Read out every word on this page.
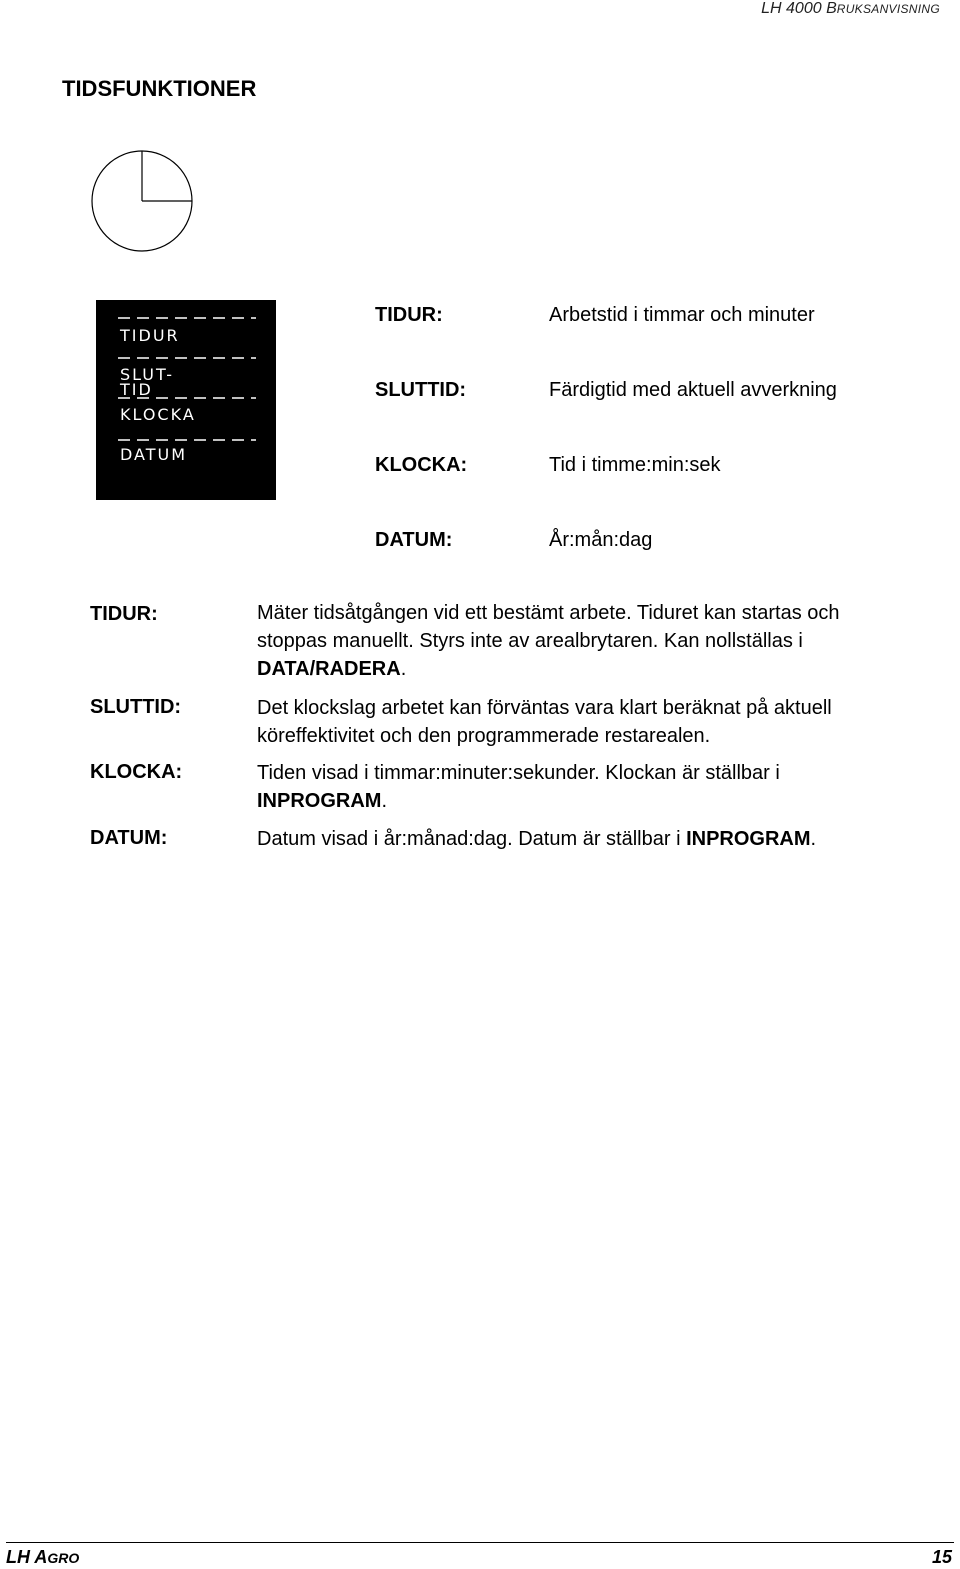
LH 4000 BRUKSANVISNING
TIDSFUNKTIONER
TIDUR
SLUT-
TID
KLOCKA
DATUM
TIDUR:	Arbetstid i timmar och minuter
SLUTTID:	Färdigtid med aktuell avverkning
KLOCKA:	Tid i timme:min:sek
DATUM:	År:mån:dag
TIDUR:	Mäter tidsåtgången vid ett bestämt arbete. Tiduret kan startas och
stoppas manuellt. Styrs inte av arealbrytaren. Kan nollställas i
DATA/RADERA.
SLUTTID:	Det klockslag arbetet kan förväntas vara klart beräknat på aktuell
köreffektivitet och den programmerade restarealen.
KLOCKA:	Tiden visad i timmar:minuter:sekunder. Klockan är ställbar i
INPROGRAM.
DATUM:	Datum visad i år:månad:dag. Datum är ställbar i INPROGRAM.
LH AGRO	15
